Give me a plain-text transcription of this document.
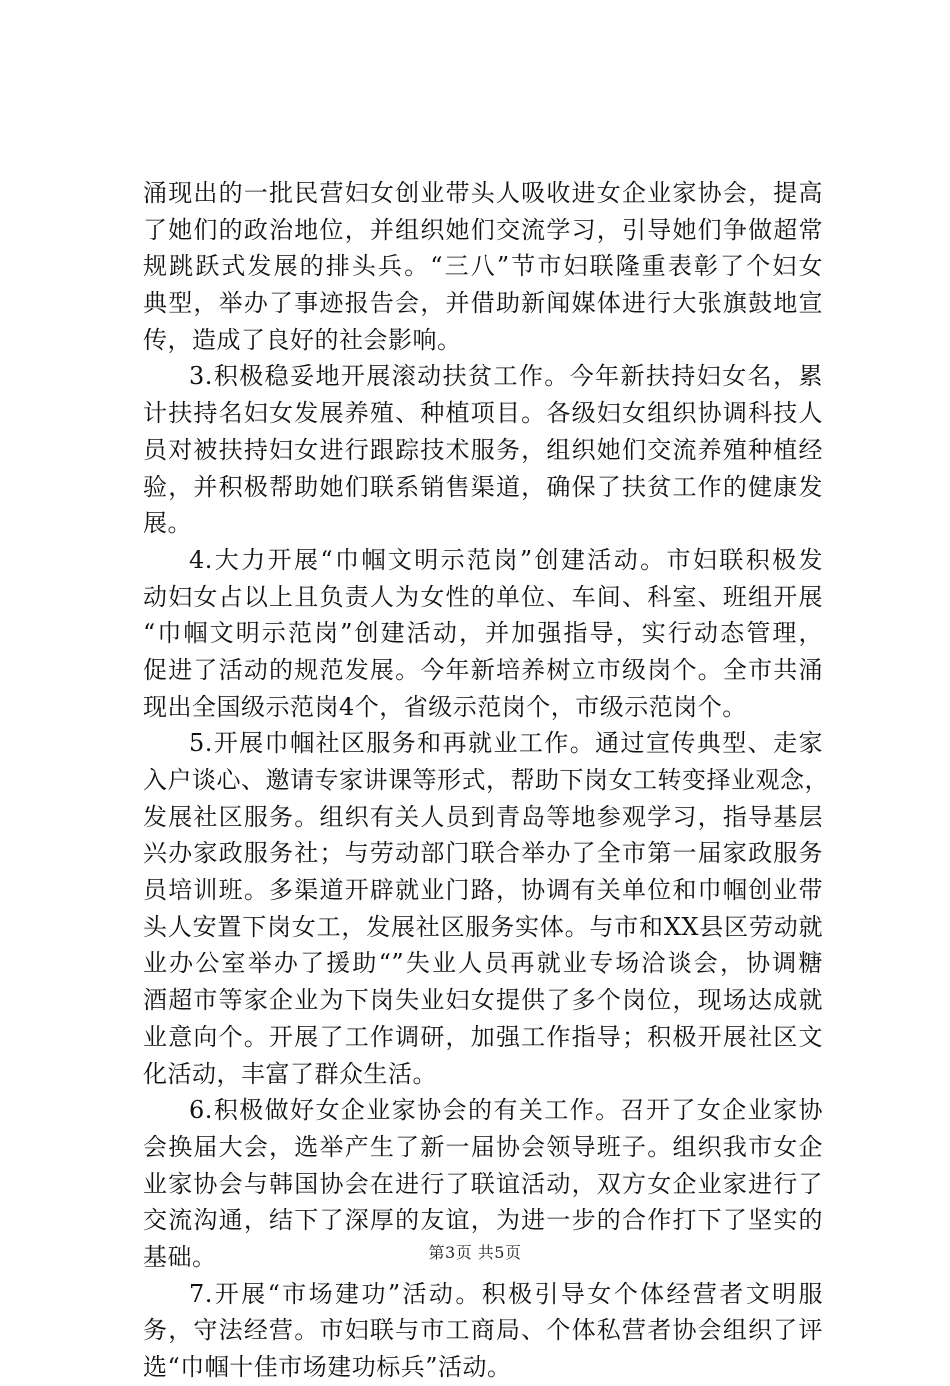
涌现出的一批民营妇女创业带头人吸收进女企业家协会，提高
了她们的政治地位，并组织她们交流学习，引导她们争做超常
规跳跃式发展的排头兵。“三八”节市妇联隆重表彰了个妇女
典型，举办了事迹报告会，并借助新闻媒体进行大张旗鼓地宣
传，造成了良好的社会影响。
3.积极稳妥地开展滚动扶贫工作。今年新扶持妇女名，累
计扶持名妇女发展养殖、种植项目。各级妇女组织协调科技人
员对被扶持妇女进行跟踪技术服务，组织她们交流养殖种植经
验，并积极帮助她们联系销售渠道，确保了扶贫工作的健康发
展。
4.大力开展“巾帼文明示范岗”创建活动。市妇联积极发
动妇女占以上且负责人为女性的单位、车间、科室、班组开展
“巾帼文明示范岗”创建活动，并加强指导，实行动态管理，
促进了活动的规范发展。今年新培养树立市级岗个。全市共涌
现出全国级示范岗4个，省级示范岗个，市级示范岗个。
5.开展巾帼社区服务和再就业工作。通过宣传典型、走家
入户谈心、邀请专家讲课等形式，帮助下岗女工转变择业观念，
发展社区服务。组织有关人员到青岛等地参观学习，指导基层
兴办家政服务社；与劳动部门联合举办了全市第一届家政服务
员培训班。多渠道开辟就业门路，协调有关单位和巾帼创业带
头人安置下岗女工，发展社区服务实体。与市和XX县区劳动就
业办公室举办了援助“”失业人员再就业专场洽谈会，协调糖
酒超市等家企业为下岗失业妇女提供了多个岗位，现场达成就
业意向个。开展了工作调研，加强工作指导；积极开展社区文
化活动，丰富了群众生活。
6.积极做好女企业家协会的有关工作。召开了女企业家协
会换届大会，选举产生了新一届协会领导班子。组织我市女企
业家协会与韩国协会在进行了联谊活动，双方女企业家进行了
交流沟通，结下了深厚的友谊，为进一步的合作打下了坚实的
基础。
7.开展“市场建功”活动。积极引导女个体经营者文明服
务，守法经营。市妇联与市工商局、个体私营者协会组织了评
选“巾帼十佳市场建功标兵”活动。
第3页 共5页
